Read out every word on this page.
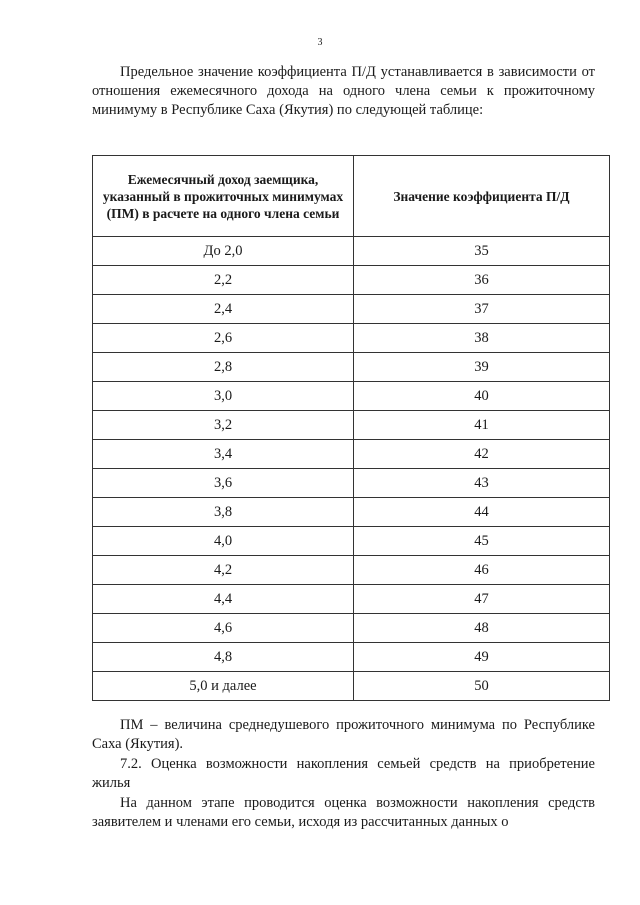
3

Предельное значение коэффициента П/Д устанавливается в зависимости от отношения ежемесячного дохода на одного члена семьи к прожиточному минимуму в Республике Саха (Якутия) по следующей таблице:

Ежемесячный доход заемщика, указанный в прожиточных минимумах (ПМ) в расчете на одного члена семьи	Значение коэффициента П/Д
До 2,0	35
2,2	36
2,4	37
2,6	38
2,8	39
3,0	40
3,2	41
3,4	42
3,6	43
3,8	44
4,0	45
4,2	46
4,4	47
4,6	48
4,8	49
5,0 и далее	50

ПМ – величина среднедушевого прожиточного минимума по Республике Саха (Якутия).

7.2. Оценка возможности накопления семьей средств на приобретение жилья

На данном этапе проводится оценка возможности накопления средств заявителем и членами его семьи, исходя из рассчитанных данных о
